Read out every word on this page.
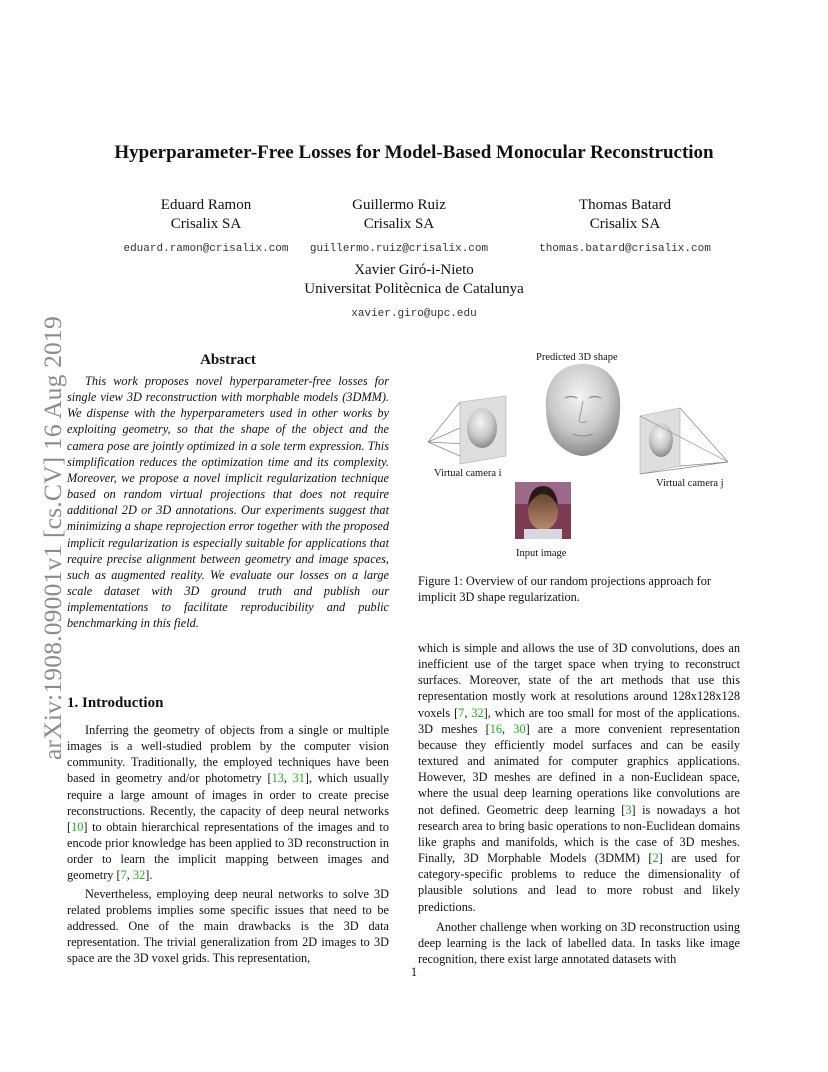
arXiv:1908.09001v1 [cs.CV] 16 Aug 2019
Hyperparameter-Free Losses for Model-Based Monocular Reconstruction
Eduard Ramon
Crisalix SA
eduard.ramon@crisalix.com
Guillermo Ruiz
Crisalix SA
guillermo.ruiz@crisalix.com
Thomas Batard
Crisalix SA
thomas.batard@crisalix.com
Xavier Giró-i-Nieto
Universitat Politècnica de Catalunya
xavier.giro@upc.edu
Abstract

This work proposes novel hyperparameter-free losses for single view 3D reconstruction with morphable models (3DMM). We dispense with the hyperparameters used in other works by exploiting geometry, so that the shape of the object and the camera pose are jointly optimized in a sole term expression. This simplification reduces the optimization time and its complexity. Moreover, we propose a novel implicit regularization technique based on random virtual projections that does not require additional 2D or 3D annotations. Our experiments suggest that minimizing a shape reprojection error together with the proposed implicit regularization is especially suitable for applications that require precise alignment between geometry and image spaces, such as augmented reality. We evaluate our losses on a large scale dataset with 3D ground truth and publish our implementations to facilitate reproducibility and public benchmarking in this field.

1. Introduction

Inferring the geometry of objects from a single or multiple images is a well-studied problem by the computer vision community. Traditionally, the employed techniques have been based in geometry and/or photometry [13, 31], which usually require a large amount of images in order to create precise reconstructions. Recently, the capacity of deep neural networks [10] to obtain hierarchical representations of the images and to encode prior knowledge has been applied to 3D reconstruction in order to learn the implicit mapping between images and geometry [7, 32].

Nevertheless, employing deep neural networks to solve 3D related problems implies some specific issues that need to be addressed. One of the main drawbacks is the 3D data representation. The trivial generalization from 2D images to 3D space are the 3D voxel grids. This representation,

Predicted 3D shape
Virtual camera i
Virtual camera j
Input image
Figure 1: Overview of our random projections approach for implicit 3D shape regularization.

which is simple and allows the use of 3D convolutions, does an inefficient use of the target space when trying to reconstruct surfaces. Moreover, state of the art methods that use this representation mostly work at resolutions around 128x128x128 voxels [7, 32], which are too small for most of the applications. 3D meshes [16, 30] are a more convenient representation because they efficiently model surfaces and can be easily textured and animated for computer graphics applications. However, 3D meshes are defined in a non-Euclidean space, where the usual deep learning operations like convolutions are not defined. Geometric deep learning [3] is nowadays a hot research area to bring basic operations to non-Euclidean domains like graphs and manifolds, which is the case of 3D meshes. Finally, 3D Morphable Models (3DMM) [2] are used for category-specific problems to reduce the dimensionality of plausible solutions and lead to more robust and likely predictions.

Another challenge when working on 3D reconstruction using deep learning is the lack of labelled data. In tasks like image recognition, there exist large annotated datasets with

1
